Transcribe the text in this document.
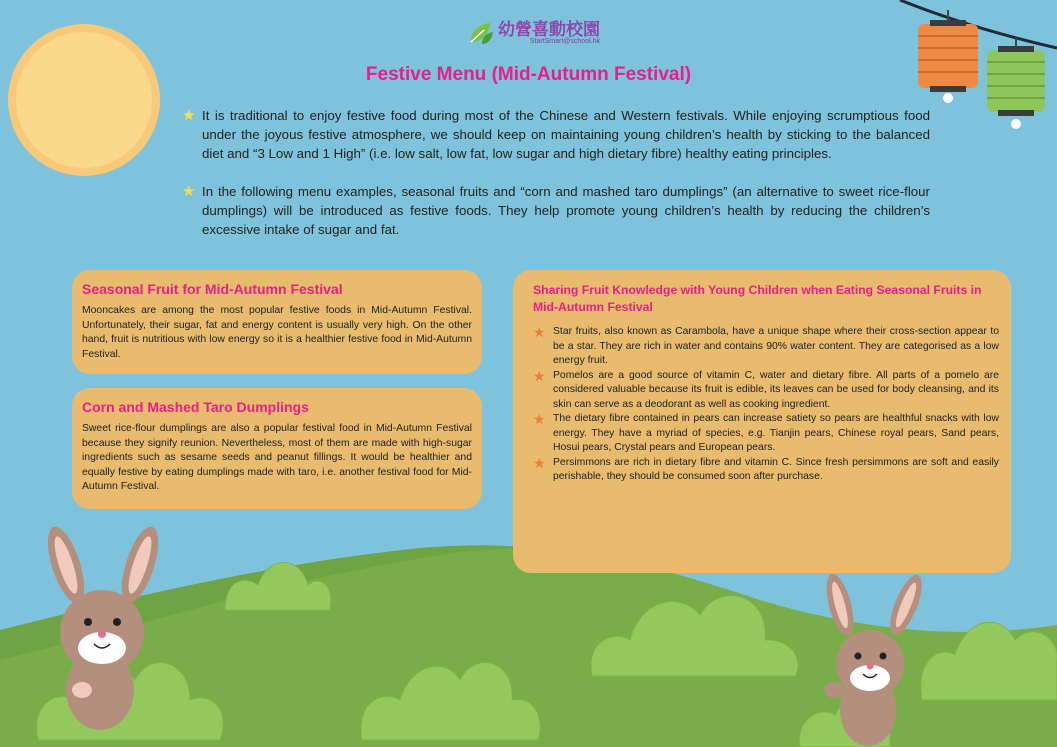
幼營喜動校園
StartSmart@school.hk
Festive Menu (Mid-Autumn Festival)

★ It is traditional to enjoy festive food during most of the Chinese and Western festivals. While enjoying scrumptious food under the joyous festive atmosphere, we should keep on maintaining young children’s health by sticking to the balanced diet and “3 Low and 1 High” (i.e. low salt, low fat, low sugar and high dietary fibre) healthy eating principles.

★ In the following menu examples, seasonal fruits and “corn and mashed taro dumplings” (an alternative to sweet rice-flour dumplings) will be introduced as festive foods. They help promote young children’s health by reducing the children’s excessive intake of sugar and fat.

Seasonal Fruit for Mid-Autumn Festival

Mooncakes are among the most popular festive foods in Mid-Autumn Festival. Unfortunately, their sugar, fat and energy content is usually very high. On the other hand, fruit is nutritious with low energy so it is a healthier festive food in Mid-Autumn Festival.

Corn and Mashed Taro Dumplings

Sweet rice-flour dumplings are also a popular festival food in Mid-Autumn Festival because they signify reunion. Nevertheless, most of them are made with high-sugar ingredients such as sesame seeds and peanut fillings. It would be healthier and equally festive by eating dumplings made with taro, i.e. another festival food for Mid-Autumn Festival.

Sharing Fruit Knowledge with Young Children when Eating Seasonal Fruits in Mid-Autumn Festival

★ Star fruits, also known as Carambola, have a unique shape where their cross-section appear to be a star. They are rich in water and contains 90% water content. They are categorised as a low energy fruit.

★ Pomelos are a good source of vitamin C, water and dietary fibre. All parts of a pomelo are considered valuable because its fruit is edible, its leaves can be used for body cleansing, and its skin can serve as a deodorant as well as cooking ingredient.

★ The dietary fibre contained in pears can increase satiety so pears are healthful snacks with low energy. They have a myriad of species, e.g. Tianjin pears, Chinese royal pears, Sand pears, Hosui pears, Crystal pears and European pears.

★ Persimmons are rich in dietary fibre and vitamin C. Since fresh persimmons are soft and easily perishable, they should be consumed soon after purchase.
